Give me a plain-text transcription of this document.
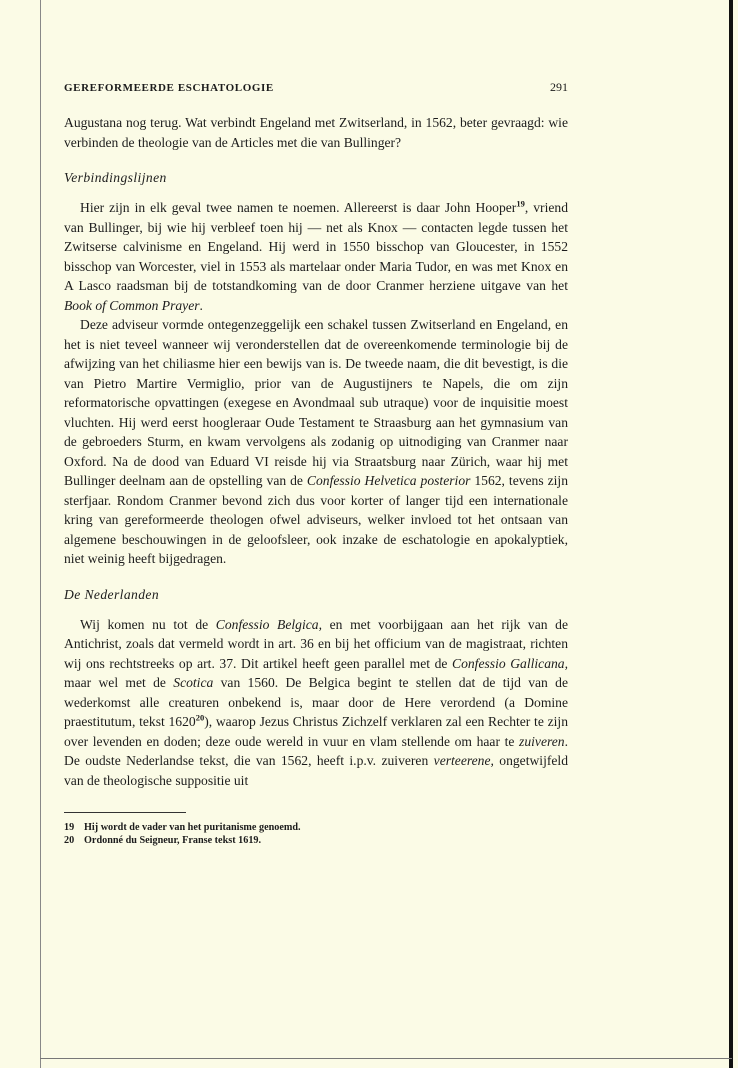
GEREFORMEERDE ESCHATOLOGIE	291

Augustana nog terug. Wat verbindt Engeland met Zwitserland, in 1562, beter gevraagd: wie verbinden de theologie van de Articles met die van Bullinger?

Verbindingslijnen

Hier zijn in elk geval twee namen te noemen. Allereerst is daar John Hooper$^{19}$, vriend van Bullinger, bij wie hij verbleef toen hij — net als Knox — contacten legde tussen het Zwitserse calvinisme en Engeland. Hij werd in 1550 bisschop van Gloucester, in 1552 bisschop van Worcester, viel in 1553 als martelaar onder Maria Tudor, en was met Knox en A Lasco raadsman bij de totstandkoming van de door Cranmer herziene uitgave van het Book of Common Prayer.

Deze adviseur vormde ontegenzeggelijk een schakel tussen Zwitserland en Engeland, en het is niet teveel wanneer wij veronderstellen dat de overeenkomende terminologie bij de afwijzing van het chiliasme hier een bewijs van is. De tweede naam, die dit bevestigt, is die van Pietro Martire Vermiglio, prior van de Augustijners te Napels, die om zijn reformatorische opvattingen (exegese en Avondmaal sub utraque) voor de inquisitie moest vluchten. Hij werd eerst hoogleraar Oude Testament te Straasburg aan het gymnasium van de gebroeders Sturm, en kwam vervolgens als zodanig op uitnodiging van Cranmer naar Oxford. Na de dood van Eduard VI reisde hij via Straatsburg naar Zürich, waar hij met Bullinger deelnam aan de opstelling van de Confessio Helvetica posterior 1562, tevens zijn sterfjaar. Rondom Cranmer bevond zich dus voor korter of langer tijd een internationale kring van gereformeerde theologen ofwel adviseurs, welker invloed tot het ontsaan van algemene beschouwingen in de geloofsleer, ook inzake de eschatologie en apokalyptiek, niet weinig heeft bijgedragen.

De Nederlanden

Wij komen nu tot de Confessio Belgica, en met voorbijgaan aan het rijk van de Antichrist, zoals dat vermeld wordt in art. 36 en bij het officium van de magistraat, richten wij ons rechtstreeks op art. 37. Dit artikel heeft geen parallel met de Confessio Gallicana, maar wel met de Scotica van 1560. De Belgica begint te stellen dat de tijd van de wederkomst alle creaturen onbekend is, maar door de Here verordend (a Domine praestitutum, tekst 1620$^{20}$), waarop Jezus Christus Zichzelf verklaren zal een Rechter te zijn over levenden en doden; deze oude wereld in vuur en vlam stellende om haar te zuiveren. De oudste Nederlandse tekst, die van 1562, heeft i.p.v. zuiveren verteerene, ongetwijfeld van de theologische suppositie uit

19 Hij wordt de vader van het puritanisme genoemd.
20 Ordonné du Seigneur, Franse tekst 1619.
